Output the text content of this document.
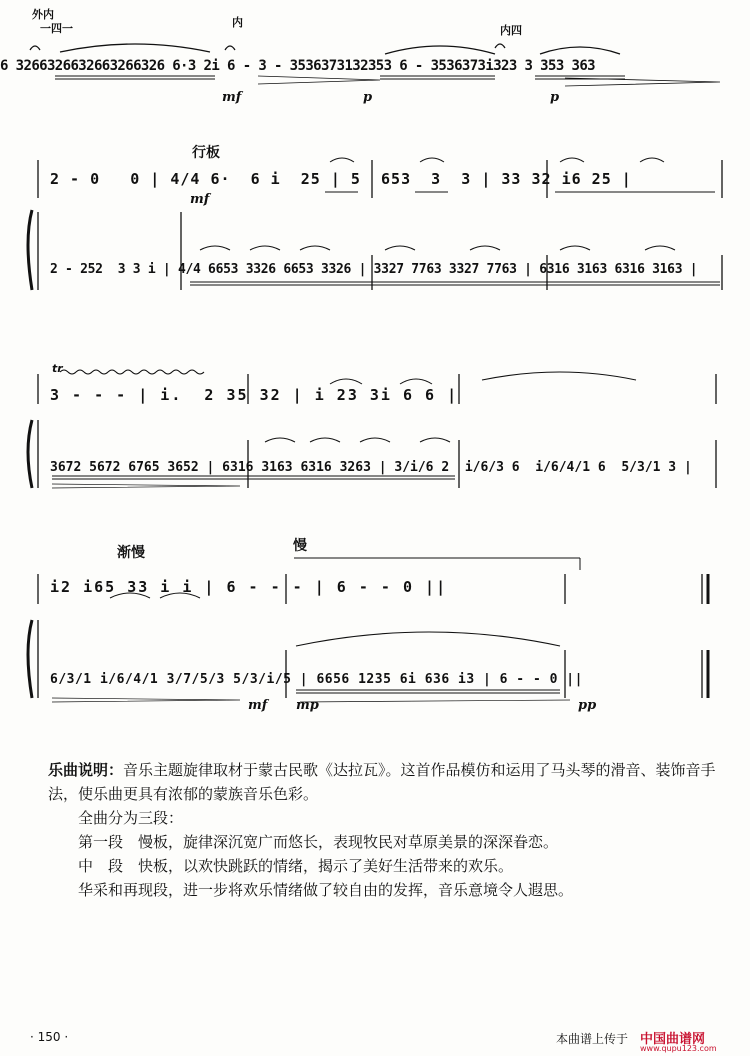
外内
一四一	内
内四
6 3266326632663266326 6·3 2i 6 - 3 - 3536373132353 6 - 3536373i323 3 353 363
mf	p	p
行板
2 - 0   0 | 4/4 6·  6 i  25 | 5  653  3  3 | 33 32 i6 25 |
mf
2 - 252  3 3 i | 4/4 6653 3326 6653 3326 | 3327 7763 3327 7763 | 6316 3163 6316 3163 |
tr
3 - - - | i.  2 35 32 | i 23 3i 6 6 |
3672 5672 6765 3652 | 6316 3163 6316 3263 | 3/i/6 2  i/6/3 6  i/6/4/1 6  5/3/1 3 |
渐慢	慢
i2 i65 33 i i | 6 - - - | 6 - - 0 ||
6/3/1 i/6/4/1 3/7/5/3 5/3/i/5 | 6656 1235 6i 636 i3 | 6 - - 0 ||
mf mp	pp

乐曲说明：音乐主题旋律取材于蒙古民歌《达拉瓦》。这首作品模仿和运用了马头琴的滑音、装饰音手法，使乐曲更具有浓郁的蒙族音乐色彩。

全曲分为三段：

第一段　慢板，旋律深沉宽广而悠长，表现牧民对草原美景的深深眷恋。

中　段　快板，以欢快跳跃的情绪，揭示了美好生活带来的欢乐。

华采和再现段，进一步将欢乐情绪做了较自由的发挥，音乐意境令人遐思。

· 150 ·	本曲谱上传于 中国曲谱网
www.qupu123.com
